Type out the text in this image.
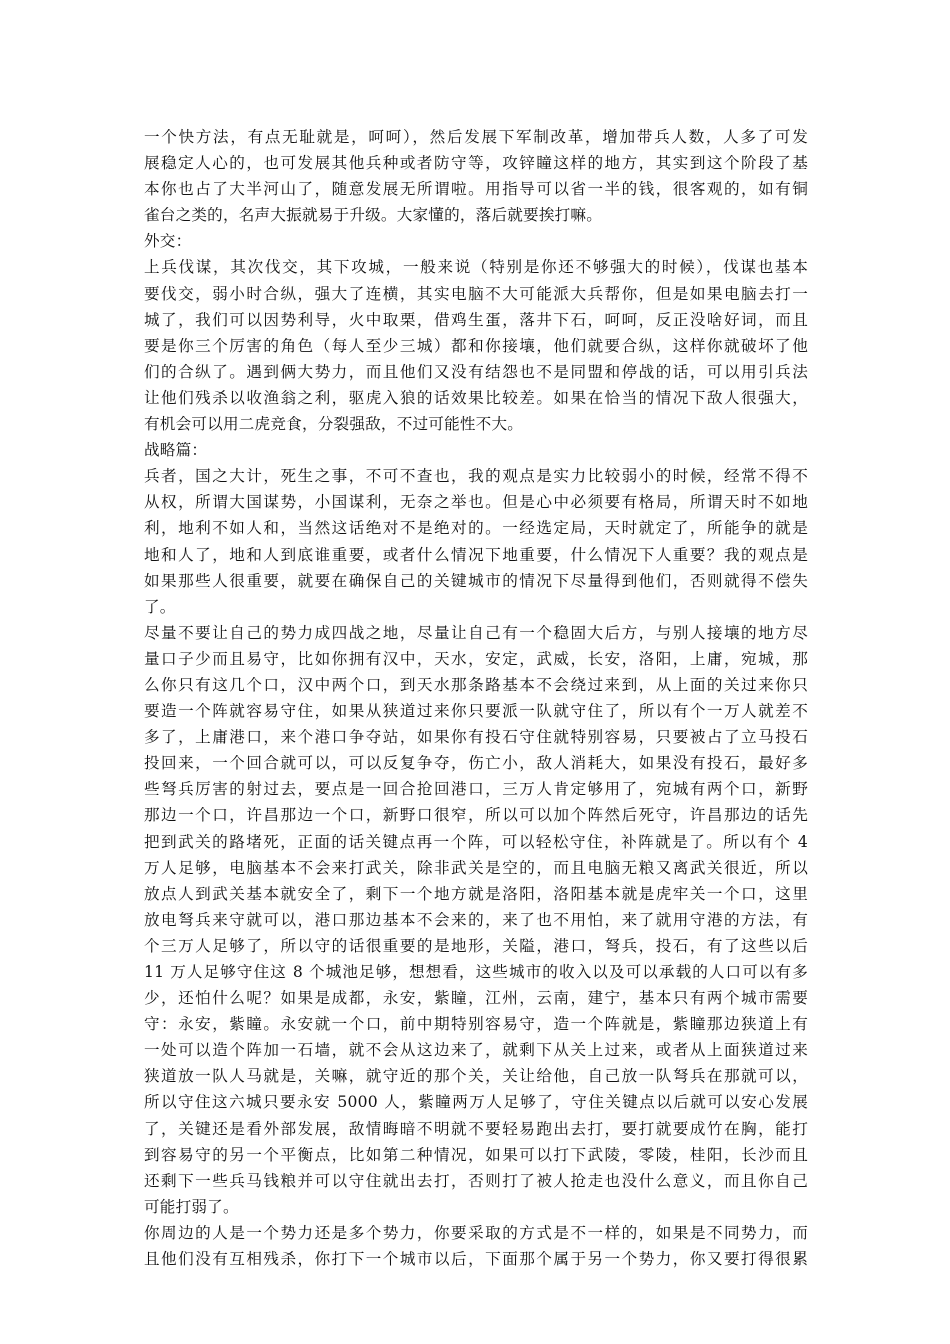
一个快方法，有点无耻就是，呵呵），然后发展下军制改革，增加带兵人数，人多了可发
展稳定人心的，也可发展其他兵种或者防守等，攻锌瞳这样的地方，其实到这个阶段了基
本你也占了大半河山了，随意发展无所谓啦。用指导可以省一半的钱，很客观的，如有铜
雀台之类的，名声大振就易于升级。大家懂的，落后就要挨打嘛。
外交：
上兵伐谋，其次伐交，其下攻城，一般来说（特别是你还不够强大的时候），伐谋也基本
要伐交，弱小时合纵，强大了连横，其实电脑不大可能派大兵帮你，但是如果电脑去打一
城了，我们可以因势利导，火中取栗，借鸡生蛋，落井下石，呵呵，反正没啥好词，而且
要是你三个厉害的角色（每人至少三城）都和你接壤，他们就要合纵，这样你就破坏了他
们的合纵了。遇到俩大势力，而且他们又没有结怨也不是同盟和停战的话，可以用引兵法
让他们残杀以收渔翁之利，驱虎入狼的话效果比较差。如果在恰当的情况下敌人很强大，
有机会可以用二虎竞食，分裂强敌，不过可能性不大。
战略篇：
兵者，国之大计，死生之事，不可不查也，我的观点是实力比较弱小的时候，经常不得不
从权，所谓大国谋势，小国谋利，无奈之举也。但是心中必须要有格局，所谓天时不如地
利，地利不如人和，当然这话绝对不是绝对的。一经选定局，天时就定了，所能争的就是
地和人了，地和人到底谁重要，或者什么情况下地重要，什么情况下人重要？我的观点是
如果那些人很重要，就要在确保自己的关键城市的情况下尽量得到他们，否则就得不偿失
了。
尽量不要让自己的势力成四战之地，尽量让自己有一个稳固大后方，与别人接壤的地方尽
量口子少而且易守，比如你拥有汉中，天水，安定，武威，长安，洛阳，上庸，宛城，那
么你只有这几个口，汉中两个口，到天水那条路基本不会绕过来到，从上面的关过来你只
要造一个阵就容易守住，如果从狭道过来你只要派一队就守住了，所以有个一万人就差不
多了，上庸港口，来个港口争夺站，如果你有投石守住就特别容易，只要被占了立马投石
投回来，一个回合就可以，可以反复争夺，伤亡小，敌人消耗大，如果没有投石，最好多
些弩兵厉害的射过去，要点是一回合抢回港口，三万人肯定够用了，宛城有两个口，新野
那边一个口，许昌那边一个口，新野口很窄，所以可以加个阵然后死守，许昌那边的话先
把到武关的路堵死，正面的话关键点再一个阵，可以轻松守住，补阵就是了。所以有个 4
万人足够，电脑基本不会来打武关，除非武关是空的，而且电脑无粮又离武关很近，所以
放点人到武关基本就安全了，剩下一个地方就是洛阳，洛阳基本就是虎牢关一个口，这里
放电弩兵来守就可以，港口那边基本不会来的，来了也不用怕，来了就用守港的方法，有
个三万人足够了，所以守的话很重要的是地形，关隘，港口，弩兵，投石，有了这些以后
11 万人足够守住这 8 个城池足够，想想看，这些城市的收入以及可以承载的人口可以有多
少，还怕什么呢？如果是成都，永安，紫瞳，江州，云南，建宁，基本只有两个城市需要
守：永安，紫瞳。永安就一个口，前中期特别容易守，造一个阵就是，紫瞳那边狭道上有
一处可以造个阵加一石墙，就不会从这边来了，就剩下从关上过来，或者从上面狭道过来
狭道放一队人马就是，关嘛，就守近的那个关，关让给他，自己放一队弩兵在那就可以，
所以守住这六城只要永安 5000 人，紫瞳两万人足够了，守住关键点以后就可以安心发展
了，关键还是看外部发展，敌情晦暗不明就不要轻易跑出去打，要打就要成竹在胸，能打
到容易守的另一个平衡点，比如第二种情况，如果可以打下武陵，零陵，桂阳，长沙而且
还剩下一些兵马钱粮并可以守住就出去打，否则打了被人抢走也没什么意义，而且你自己
可能打弱了。
你周边的人是一个势力还是多个势力，你要采取的方式是不一样的，如果是不同势力，而
且他们没有互相残杀，你打下一个城市以后，下面那个属于另一个势力，你又要打得很累
